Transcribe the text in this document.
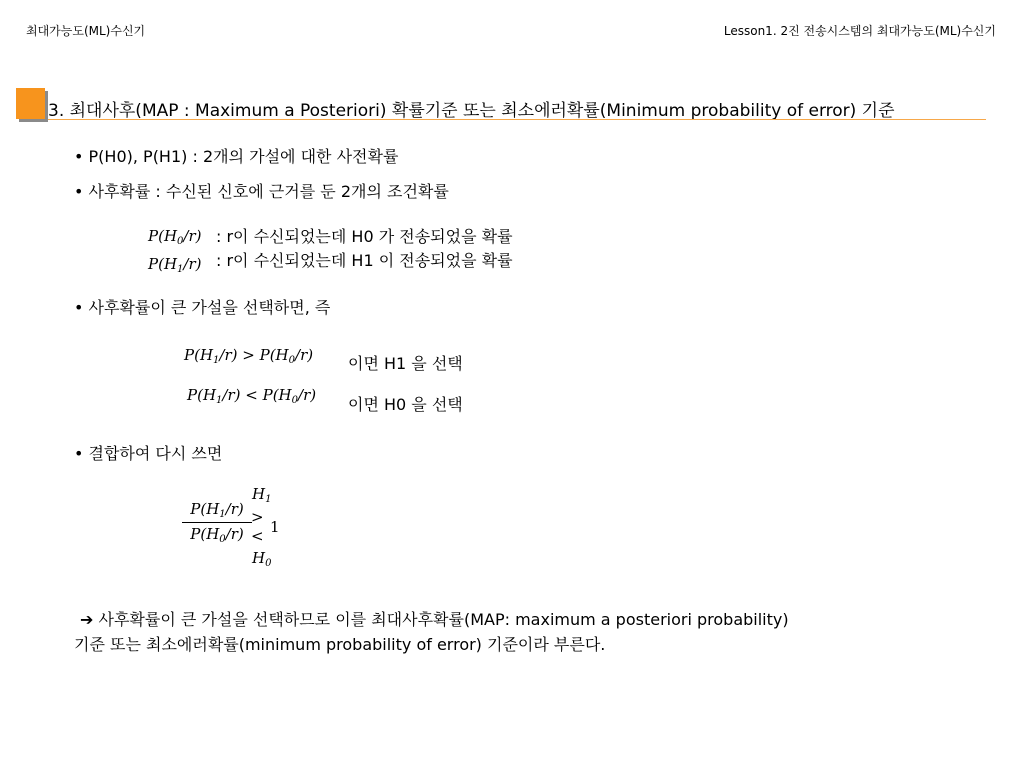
최대가능도(ML)수신기	Lesson1. 2진 전송시스템의 최대가능도(ML)수신기
3. 최대사후(MAP : Maximum a Posteriori) 확률기준 또는 최소에러확률(Minimum probability of error) 기준
• P(H0), P(H1) : 2개의 가설에 대한 사전확률
• 사후확률 : 수신된 신호에 근거를 둔 2개의 조건확률
$P(H_0/r)$ : r이 수신되었는데 H0 가 전송되었을 확률
$P(H_1/r)$ : r이 수신되었는데 H1 이 전송되었을 확률
• 사후확률이 큰 가설을 선택하면, 즉
$P(H_1/r) > P(H_0/r)$ 이면 H1 을 선택
$P(H_1/r) < P(H_0/r)$ 이면 H0 을 선택
• 결합하여 다시 쓰면
$P(H_1/r)$
$P(H_0/r)$
$H_1$
>
1
<
$H_0$
➔ 사후확률이 큰 가설을 선택하므로 이를 최대사후확률(MAP: maximum a posteriori probability)
기준 또는 최소에러확률(minimum probability of error) 기준이라 부른다.
